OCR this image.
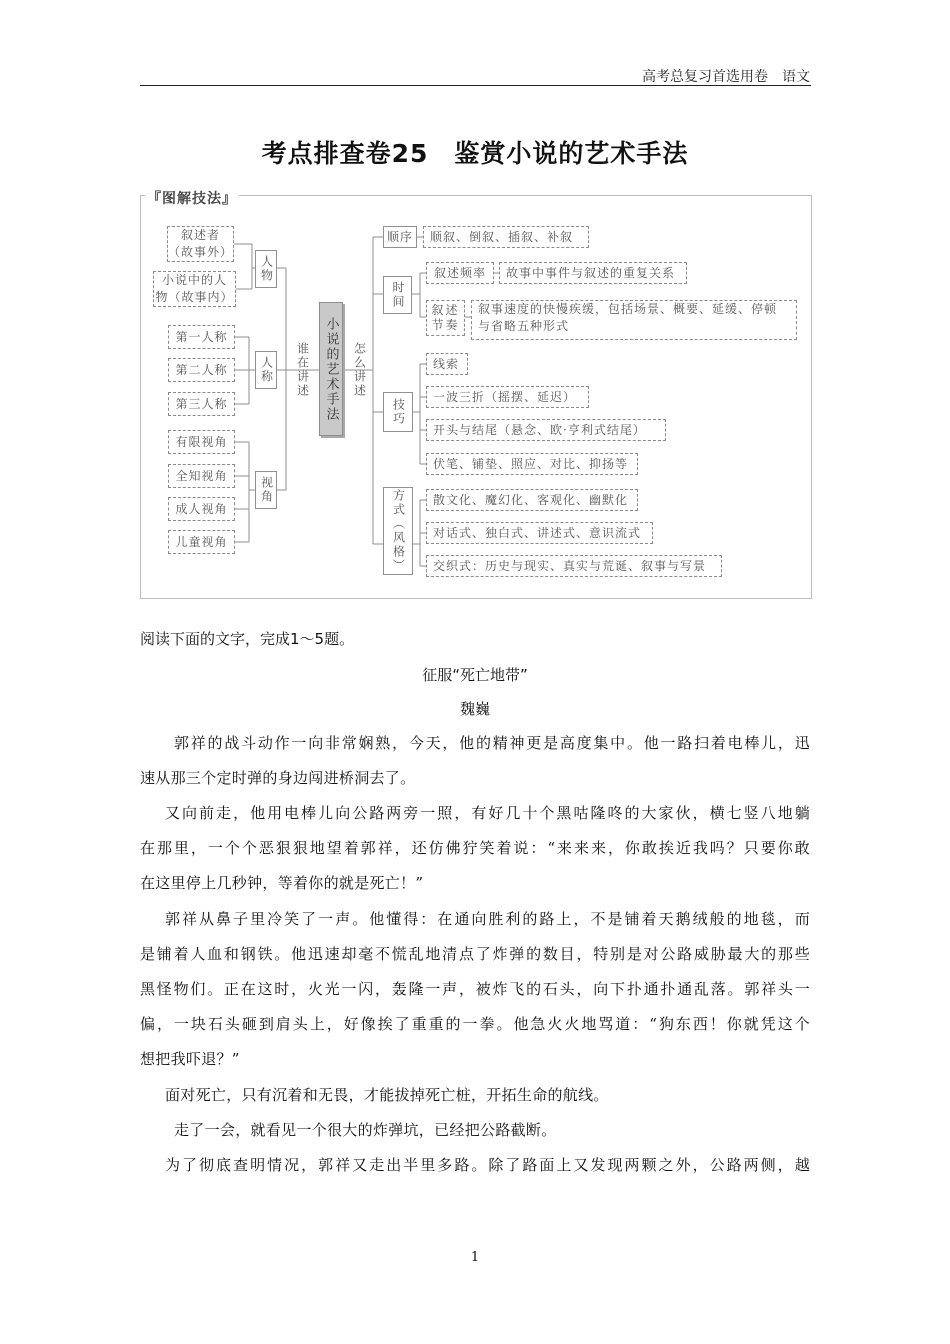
高考总复习首选用卷　语文
考点排查卷25　鉴赏小说的艺术手法
『图解技法』
叙述者
（故事外）
小说中的人
物（故事内）
第一人称
第二人称
第三人称
有限视角
全知视角
成人视角
儿童视角
人物
人称
视角
谁在讲述	怎么讲述
小说的艺术手法
顺序
时间
技巧
方式（风格）
顺叙、倒叙、插叙、补叙
叙述频率	故事中事件与叙述的重复关系
叙述节奏
叙事速度的快慢疾缓，包括场景、概要、延缓、停顿
与省略五种形式
线索
一波三折（摇摆、延迟）
开头与结尾（悬念、欧·亨利式结尾）
伏笔、铺垫、照应、对比、抑扬等
散文化、魔幻化、客观化、幽默化
对话式、独白式、讲述式、意识流式
交织式：历史与现实、真实与荒诞、叙事与写景
阅读下面的文字，完成1～5题。
征服“死亡地带”
魏巍
郭祥的战斗动作一向非常娴熟，今天，他的精神更是高度集中。他一路扫着电棒儿，迅
速从那三个定时弹的身边闯进桥洞去了。
又向前走，他用电棒儿向公路两旁一照，有好几十个黑咕隆咚的大家伙，横七竖八地躺
在那里，一个个恶狠狠地望着郭祥，还仿佛狞笑着说：“来来来，你敢挨近我吗？只要你敢
在这里停上几秒钟，等着你的就是死亡！”
郭祥从鼻子里冷笑了一声。他懂得：在通向胜利的路上，不是铺着天鹅绒般的地毯，而
是铺着人血和钢铁。他迅速却毫不慌乱地清点了炸弹的数目，特别是对公路威胁最大的那些
黑怪物们。正在这时，火光一闪，轰隆一声，被炸飞的石头，向下扑通扑通乱落。郭祥头一
偏，一块石头砸到肩头上，好像挨了重重的一拳。他急火火地骂道：“狗东西！你就凭这个
想把我吓退？”
面对死亡，只有沉着和无畏，才能拔掉死亡桩，开拓生命的航线。
走了一会，就看见一个很大的炸弹坑，已经把公路截断。
为了彻底查明情况，郭祥又走出半里多路。除了路面上又发现两颗之外，公路两侧，越
1
